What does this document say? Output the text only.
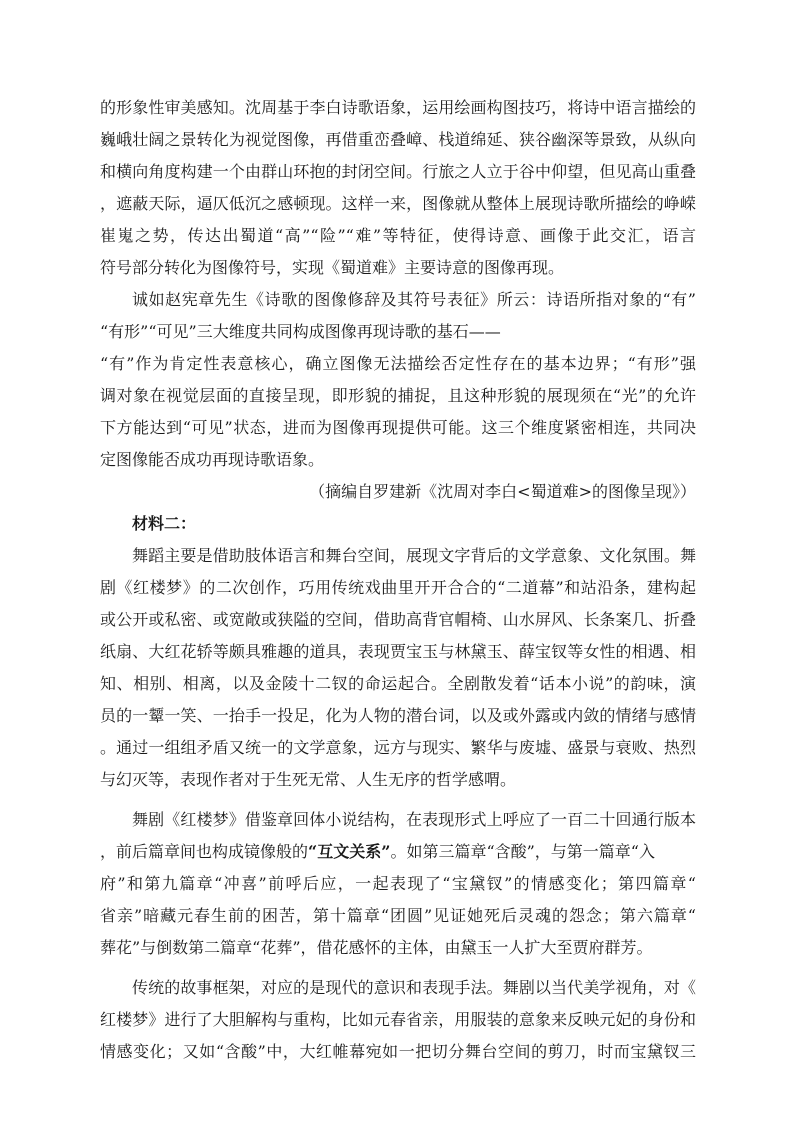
的形象性审美感知。沈周基于李白诗歌语象，运用绘画构图技巧，将诗中语言描绘的
巍峨壮阔之景转化为视觉图像，再借重峦叠嶂、栈道绵延、狭谷幽深等景致，从纵向
和横向角度构建一个由群山环抱的封闭空间。行旅之人立于谷中仰望，但见高山重叠
，遮蔽天际，逼仄低沉之感顿现。这样一来，图像就从整体上展现诗歌所描绘的峥嵘
崔嵬之势，传达出蜀道“高”“险”“难”等特征，使得诗意、画像于此交汇，语言
符号部分转化为图像符号，实现《蜀道难》主要诗意的图像再现。
诚如赵宪章先生《诗歌的图像修辞及其符号表征》所云：诗语所指对象的“有”
“有形”“可见”三大维度共同构成图像再现诗歌的基石——
“有”作为肯定性表意核心，确立图像无法描绘否定性存在的基本边界；“有形”强
调对象在视觉层面的直接呈现，即形貌的捕捉，且这种形貌的展现须在“光”的允许
下方能达到“可见”状态，进而为图像再现提供可能。这三个维度紧密相连，共同决
定图像能否成功再现诗歌语象。
（摘编自罗建新《沈周对李白<蜀道难>的图像呈现》）
材料二：
舞蹈主要是借助肢体语言和舞台空间，展现文字背后的文学意象、文化氛围。舞
剧《红楼梦》的二次创作，巧用传统戏曲里开开合合的“二道幕”和站沿条，建构起
或公开或私密、或宽敞或狭隘的空间，借助高背官帽椅、山水屏风、长条案几、折叠
纸扇、大红花轿等颇具雅趣的道具，表现贾宝玉与林黛玉、薛宝钗等女性的相遇、相
知、相别、相离，以及金陵十二钗的命运起合。全剧散发着“话本小说”的韵味，演
员的一颦一笑、一抬手一投足，化为人物的潜台词，以及或外露或内敛的情绪与感情
。通过一组组矛盾又统一的文学意象，远方与现实、繁华与废墟、盛景与衰败、热烈
与幻灭等，表现作者对于生死无常、人生无序的哲学感喟。
舞剧《红楼梦》借鉴章回体小说结构，在表现形式上呼应了一百二十回通行版本
，前后篇章间也构成镜像般的“互文关系”。如第三篇章“含酸”，与第一篇章“入
府”和第九篇章“冲喜”前呼后应，一起表现了“宝黛钗”的情感变化；第四篇章“
省亲”暗藏元春生前的困苦，第十篇章“团圆”见证她死后灵魂的怨念；第六篇章“
葬花”与倒数第二篇章“花葬”，借花感怀的主体，由黛玉一人扩大至贾府群芳。
传统的故事框架，对应的是现代的意识和表现手法。舞剧以当代美学视角，对《
红楼梦》进行了大胆解构与重构，比如元春省亲，用服装的意象来反映元妃的身份和
情感变化；又如“含酸”中，大红帷幕宛如一把切分舞台空间的剪刀，时而宝黛钗三
